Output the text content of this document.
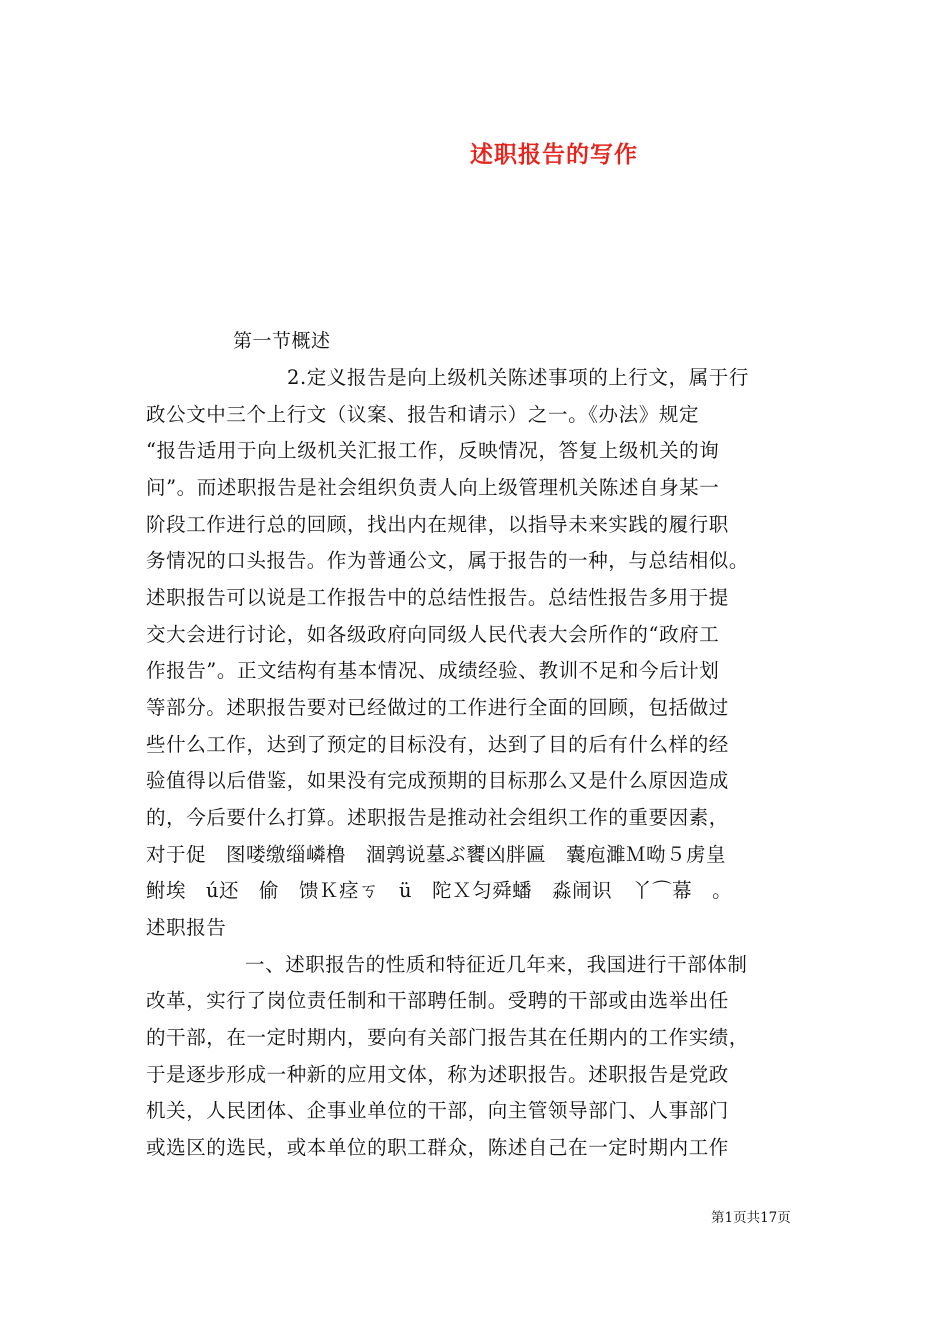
述职报告的写作
第一节概述
2.定义报告是向上级机关陈述事项的上行文，属于行
政公文中三个上行文（议案、报告和请示）之一。《办法》规定
“报告适用于向上级机关汇报工作，反映情况，答复上级机关的询
问”。而述职报告是社会组织负责人向上级管理机关陈述自身某一
阶段工作进行总的回顾，找出内在规律，以指导未来实践的履行职
务情况的口头报告。作为普通公文，属于报告的一种，与总结相似。
述职报告可以说是工作报告中的总结性报告。总结性报告多用于提
交大会进行讨论，如各级政府向同级人民代表大会所作的“政府工
作报告”。正文结构有基本情况、成绩经验、教训不足和今后计划
等部分。述职报告要对已经做过的工作进行全面的回顾，包括做过
些什么工作，达到了预定的目标没有，达到了目的后有什么样的经
验值得以后借鉴，如果没有完成预期的目标那么又是什么原因造成
的，今后要什么打算。述职报告是推动社会组织工作的重要因素，
对于促　图喽缴缁嶙橹　涸鹑说墓ぶ饔凶胖匾　囊庖濉Ｍ呦５虏皇
鲋埃　ú还　偷　馈Ｋ痉ㄎ　ü　陀Ｘ匀舜蟠　淼闹识　丫⌒幕　。
述职报告
一、述职报告的性质和特征近几年来，我国进行干部体制
改革，实行了岗位责任制和干部聘任制。受聘的干部或由选举出任
的干部，在一定时期内，要向有关部门报告其在任期内的工作实绩，
于是逐步形成一种新的应用文体，称为述职报告。述职报告是党政
机关，人民团体、企事业单位的干部，向主管领导部门、人事部门
或选区的选民，或本单位的职工群众，陈述自己在一定时期内工作
第1页共17页
